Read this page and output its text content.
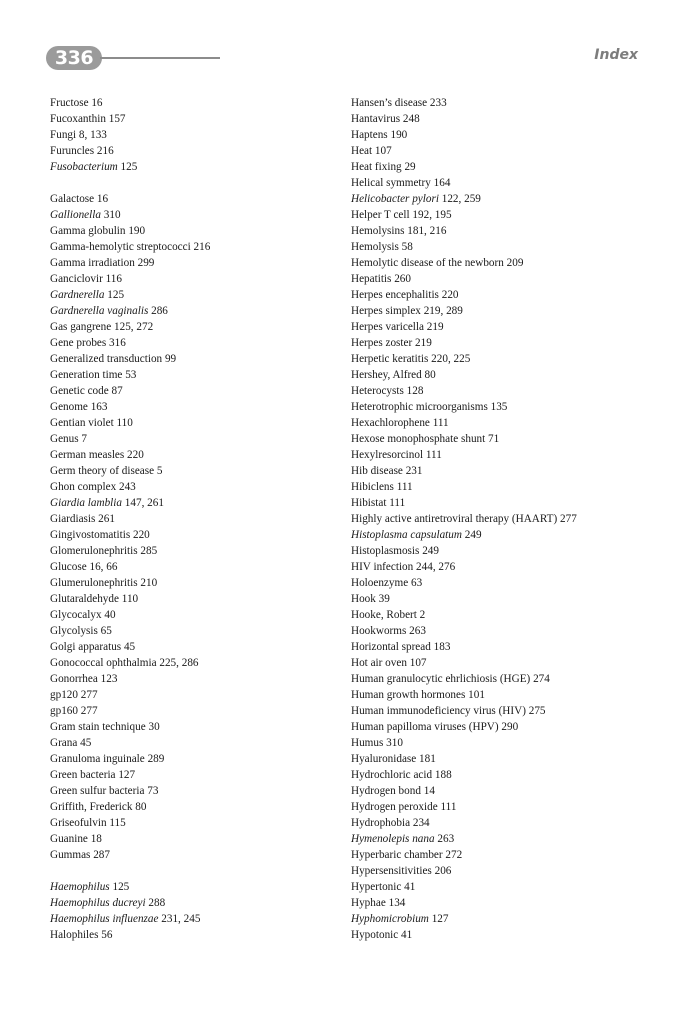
336	Index
Fructose 16
Fucoxanthin 157
Fungi 8, 133
Furuncles 216
Fusobacterium 125
Galactose 16
Gallionella 310
Gamma globulin 190
Gamma-hemolytic streptococci 216
Gamma irradiation 299
Ganciclovir 116
Gardnerella 125
Gardnerella vaginalis 286
Gas gangrene 125, 272
Gene probes 316
Generalized transduction 99
Generation time 53
Genetic code 87
Genome 163
Gentian violet 110
Genus 7
German measles 220
Germ theory of disease 5
Ghon complex 243
Giardia lamblia 147, 261
Giardiasis 261
Gingivostomatitis 220
Glomerulonephritis 285
Glucose 16, 66
Glumerulonephritis 210
Glutaraldehyde 110
Glycocalyx 40
Glycolysis 65
Golgi apparatus 45
Gonococcal ophthalmia 225, 286
Gonorrhea 123
gp120 277
gp160 277
Gram stain technique 30
Grana 45
Granuloma inguinale 289
Green bacteria 127
Green sulfur bacteria 73
Griffith, Frederick 80
Griseofulvin 115
Guanine 18
Gummas 287
Haemophilus 125
Haemophilus ducreyi 288
Haemophilus influenzae 231, 245
Halophiles 56
Hansen’s disease 233
Hantavirus 248
Haptens 190
Heat 107
Heat fixing 29
Helical symmetry 164
Helicobacter pylori 122, 259
Helper T cell 192, 195
Hemolysins 181, 216
Hemolysis 58
Hemolytic disease of the newborn 209
Hepatitis 260
Herpes encephalitis 220
Herpes simplex 219, 289
Herpes varicella 219
Herpes zoster 219
Herpetic keratitis 220, 225
Hershey, Alfred 80
Heterocysts 128
Heterotrophic microorganisms 135
Hexachlorophene 111
Hexose monophosphate shunt 71
Hexylresorcinol 111
Hib disease 231
Hibiclens 111
Hibistat 111
Highly active antiretroviral therapy (HAART) 277
Histoplasma capsulatum 249
Histoplasmosis 249
HIV infection 244, 276
Holoenzyme 63
Hook 39
Hooke, Robert 2
Hookworms 263
Horizontal spread 183
Hot air oven 107
Human granulocytic ehrlichiosis (HGE) 274
Human growth hormones 101
Human immunodeficiency virus (HIV) 275
Human papilloma viruses (HPV) 290
Humus 310
Hyaluronidase 181
Hydrochloric acid 188
Hydrogen bond 14
Hydrogen peroxide 111
Hydrophobia 234
Hymenolepis nana 263
Hyperbaric chamber 272
Hypersensitivities 206
Hypertonic 41
Hyphae 134
Hyphomicrobium 127
Hypotonic 41
